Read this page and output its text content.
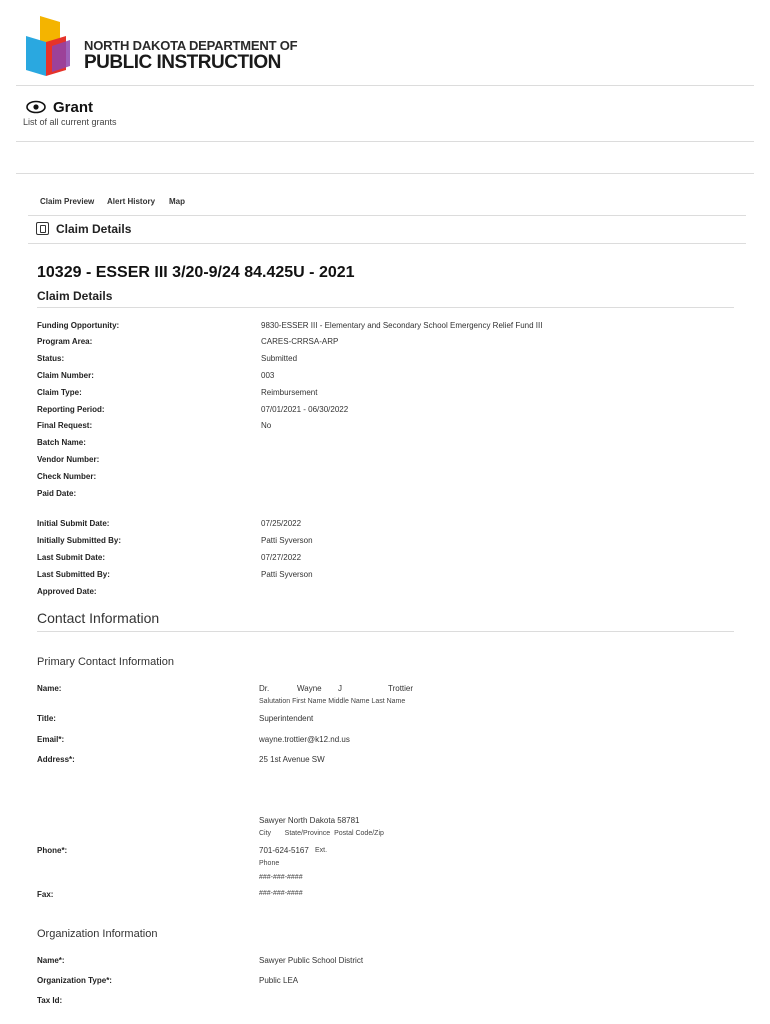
NORTH DAKOTA DEPARTMENT OF
PUBLIC INSTRUCTION
Grant
List of all current grants
Claim Preview Alert History Map
Claim Details
10329 - ESSER III 3/20-9/24 84.425U - 2021
Claim Details
Funding Opportunity:	9830-ESSER III - Elementary and Secondary School Emergency Relief Fund III
Program Area:	CARES-CRRSA-ARP
Status:	Submitted
Claim Number:	003
Claim Type:	Reimbursement
Reporting Period:	07/01/2021 - 06/30/2022
Final Request:	No
Batch Name:
Vendor Number:
Check Number:
Paid Date:
Initial Submit Date:	07/25/2022
Initially Submitted By:	Patti Syverson
Last Submit Date:	07/27/2022
Last Submitted By:	Patti Syverson
Approved Date:
Contact Information
Primary Contact Information
Name:	Dr.	Wayne J	Trottier
Salutation First Name Middle Name Last Name
Title:	Superintendent
Email*:	wayne.trottier@k12.nd.us
Address*:	25 1st Avenue SW
Sawyer North Dakota 58781
City       State/Province  Postal Code/Zip
Phone*:	701-624-5167 Ext.
Phone
###-###-####
Fax:	###-###-####
Organization Information
Name*:	Sawyer Public School District
Organization Type*:	Public LEA
Tax Id:
